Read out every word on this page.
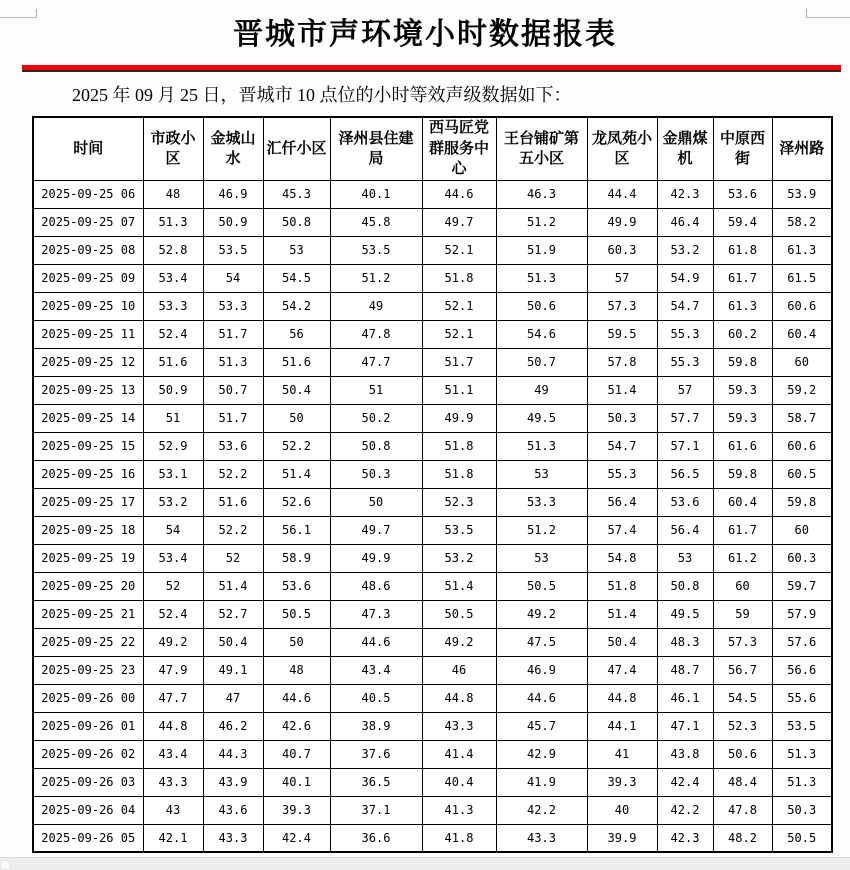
晋城市声环境小时数据报表

2025 年 09 月 25 日，晋城市 10 点位的小时等效声级数据如下：

时间	市政小区	金城山水	汇仟小区	泽州县住建局	西马匠党群服务中心	王台铺矿第五小区	龙凤苑小区	金鼎煤机	中原西街	泽州路
2025-09-25 06	48	46.9	45.3	40.1	44.6	46.3	44.4	42.3	53.6	53.9
2025-09-25 07	51.3	50.9	50.8	45.8	49.7	51.2	49.9	46.4	59.4	58.2
2025-09-25 08	52.8	53.5	53	53.5	52.1	51.9	60.3	53.2	61.8	61.3
2025-09-25 09	53.4	54	54.5	51.2	51.8	51.3	57	54.9	61.7	61.5
2025-09-25 10	53.3	53.3	54.2	49	52.1	50.6	57.3	54.7	61.3	60.6
2025-09-25 11	52.4	51.7	56	47.8	52.1	54.6	59.5	55.3	60.2	60.4
2025-09-25 12	51.6	51.3	51.6	47.7	51.7	50.7	57.8	55.3	59.8	60
2025-09-25 13	50.9	50.7	50.4	51	51.1	49	51.4	57	59.3	59.2
2025-09-25 14	51	51.7	50	50.2	49.9	49.5	50.3	57.7	59.3	58.7
2025-09-25 15	52.9	53.6	52.2	50.8	51.8	51.3	54.7	57.1	61.6	60.6
2025-09-25 16	53.1	52.2	51.4	50.3	51.8	53	55.3	56.5	59.8	60.5
2025-09-25 17	53.2	51.6	52.6	50	52.3	53.3	56.4	53.6	60.4	59.8
2025-09-25 18	54	52.2	56.1	49.7	53.5	51.2	57.4	56.4	61.7	60
2025-09-25 19	53.4	52	58.9	49.9	53.2	53	54.8	53	61.2	60.3
2025-09-25 20	52	51.4	53.6	48.6	51.4	50.5	51.8	50.8	60	59.7
2025-09-25 21	52.4	52.7	50.5	47.3	50.5	49.2	51.4	49.5	59	57.9
2025-09-25 22	49.2	50.4	50	44.6	49.2	47.5	50.4	48.3	57.3	57.6
2025-09-25 23	47.9	49.1	48	43.4	46	46.9	47.4	48.7	56.7	56.6
2025-09-26 00	47.7	47	44.6	40.5	44.8	44.6	44.8	46.1	54.5	55.6
2025-09-26 01	44.8	46.2	42.6	38.9	43.3	45.7	44.1	47.1	52.3	53.5
2025-09-26 02	43.4	44.3	40.7	37.6	41.4	42.9	41	43.8	50.6	51.3
2025-09-26 03	43.3	43.9	40.1	36.5	40.4	41.9	39.3	42.4	48.4	51.3
2025-09-26 04	43	43.6	39.3	37.1	41.3	42.2	40	42.2	47.8	50.3
2025-09-26 05	42.1	43.3	42.4	36.6	41.8	43.3	39.9	42.3	48.2	50.5
